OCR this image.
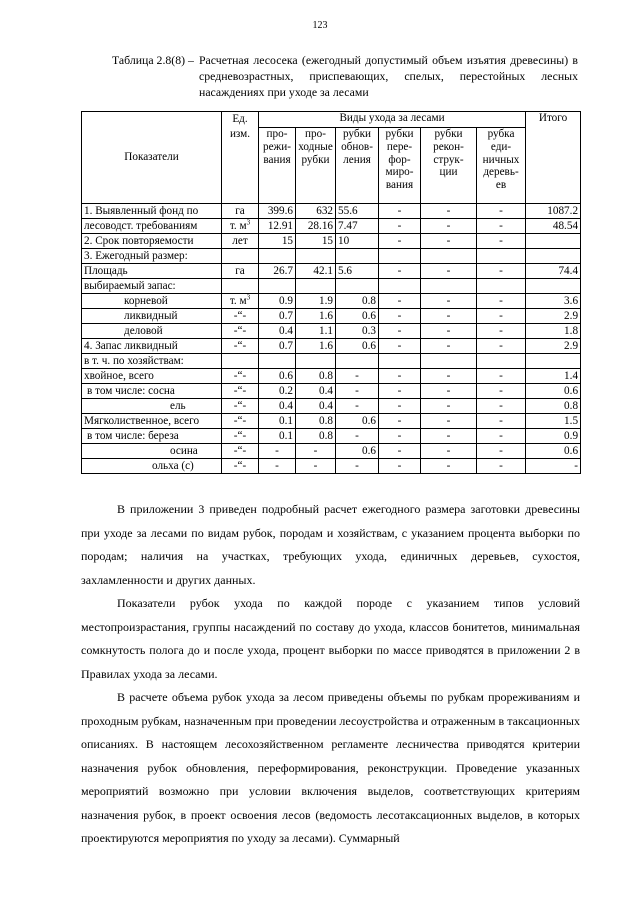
123
Таблица 2.8(8) – Расчетная лесосека (ежегодный допустимый объем изъятия древесины) в средневозрастных, приспевающих, спелых, перестойных лесных насаждениях при уходе за лесами
Показатели	Ед.
изм.	Виды ухода за лесами						Итого
		про-
режи-
вания	про-
ходные
рубки	рубки
обнов-
ления	рубки
пере-
фор-
миро-
вания	рубки
рекон-
струк-
ции	рубка
еди-
ничных
деревь-
ев	
1. Выявленный фонд по	га	399.6	632	55.6	-	-	-	1087.2
лесоводст. требованиям	т. $м^3$	12.91	28.16	7.47	-	-	-	48.54
2. Срок повторяемости	лет	15	15	10	-	-	-	
3. Ежегодный размер:								
Площадь	га	26.7	42.1	5.6	-	-	-	74.4
выбираемый запас:								
корневой	т. $м^3$	0.9	1.9	0.8	-	-	-	3.6
ликвидный	-“-	0.7	1.6	0.6	-	-	-	2.9
деловой	-“-	0.4	1.1	0.3	-	-	-	1.8
4. Запас ликвидный	-“-	0.7	1.6	0.6	-	-	-	2.9
в т. ч. по хозяйствам:								
хвойное, всего	-“-	0.6	0.8	-	-	-	-	1.4
в том числе: сосна	-“-	0.2	0.4	-	-	-	-	0.6
ель	-“-	0.4	0.4	-	-	-	-	0.8
Мягколиственное, всего	-“-	0.1	0.8	0.6	-	-	-	1.5
в том числе: береза	-“-	0.1	0.8	-	-	-	-	0.9
осина	-“-	-	-	0.6	-	-	-	0.6
ольха (с)	-“-	-	-	-	-	-	-	-
В приложении 3 приведен подробный расчет ежегодного размера заготовки древесины при уходе за лесами по видам рубок, породам и хозяйствам, с указанием процента выборки по породам; наличия на участках, требующих ухода, единичных деревьев, сухостоя, захламленности и других данных.
Показатели рубок ухода по каждой породе с указанием типов условий местопроизрастания, группы насаждений по составу до ухода, классов бонитетов, минимальная сомкнутость полога до и после ухода, процент выборки по массе приводятся в приложении 2 в Правилах ухода за лесами.
В расчете объема рубок ухода за лесом приведены объемы по рубкам прореживаниям и проходным рубкам, назначенным при проведении лесоустройства и отраженным в таксационных описаниях. В настоящем лесохозяйственном регламенте лесничества приводятся критерии назначения рубок обновления, переформирования, реконструкции. Проведение указанных мероприятий возможно при условии включения выделов, соответствующих критериям назначения рубок, в проект освоения лесов (ведомость лесотаксационных выделов, в которых проектируются мероприятия по уходу за лесами). Суммарный
